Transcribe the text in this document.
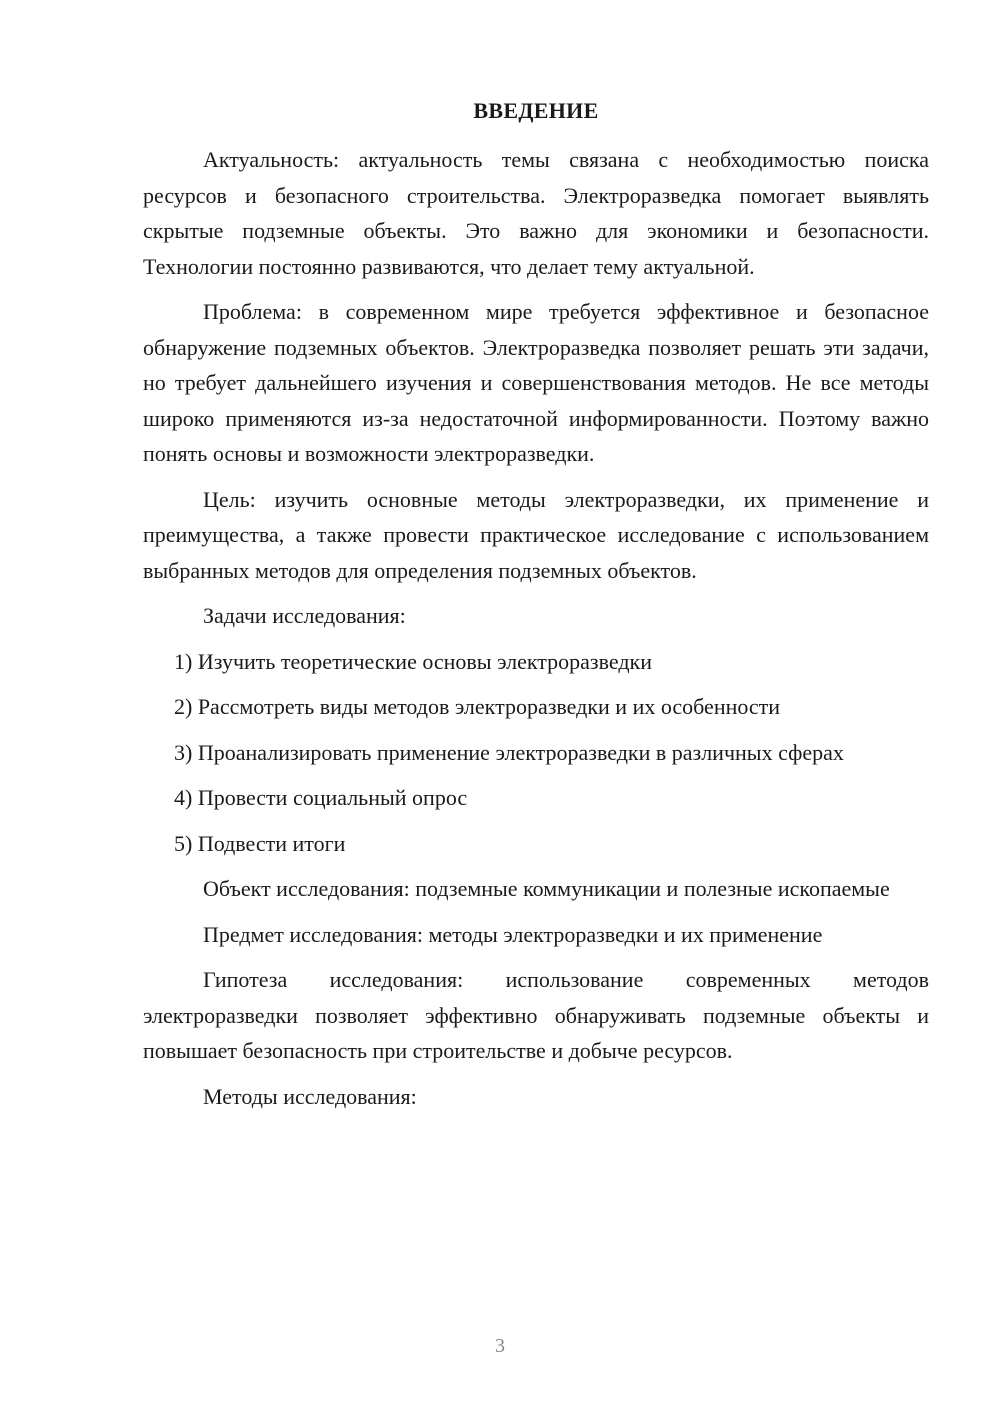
ВВЕДЕНИЕ

Актуальность: актуальность темы связана с необходимостью поиска ресурсов и безопасного строительства. Электроразведка помогает выявлять скрытые подземные объекты. Это важно для экономики и безопасности. Технологии постоянно развиваются, что делает тему актуальной.

Проблема: в современном мире требуется эффективное и безопасное обнаружение подземных объектов. Электроразведка позволяет решать эти задачи, но требует дальнейшего изучения и совершенствования методов. Не все методы широко применяются из-за недостаточной информированности. Поэтому важно понять основы и возможности электроразведки.

Цель: изучить основные методы электроразведки, их применение и преимущества, а также провести практическое исследование с использованием выбранных методов для определения подземных объектов.

Задачи исследования:

1) Изучить теоретические основы электроразведки

2) Рассмотреть виды методов электроразведки и их особенности

3) Проанализировать применение электроразведки в различных сферах

4) Провести социальный опрос

5) Подвести итоги

Объект исследования: подземные коммуникации и полезные ископаемые

Предмет исследования: методы электроразведки и их применение

Гипотеза исследования: использование современных методов электроразведки позволяет эффективно обнаруживать подземные объекты и повышает безопасность при строительстве и добыче ресурсов.

Методы исследования:

3
